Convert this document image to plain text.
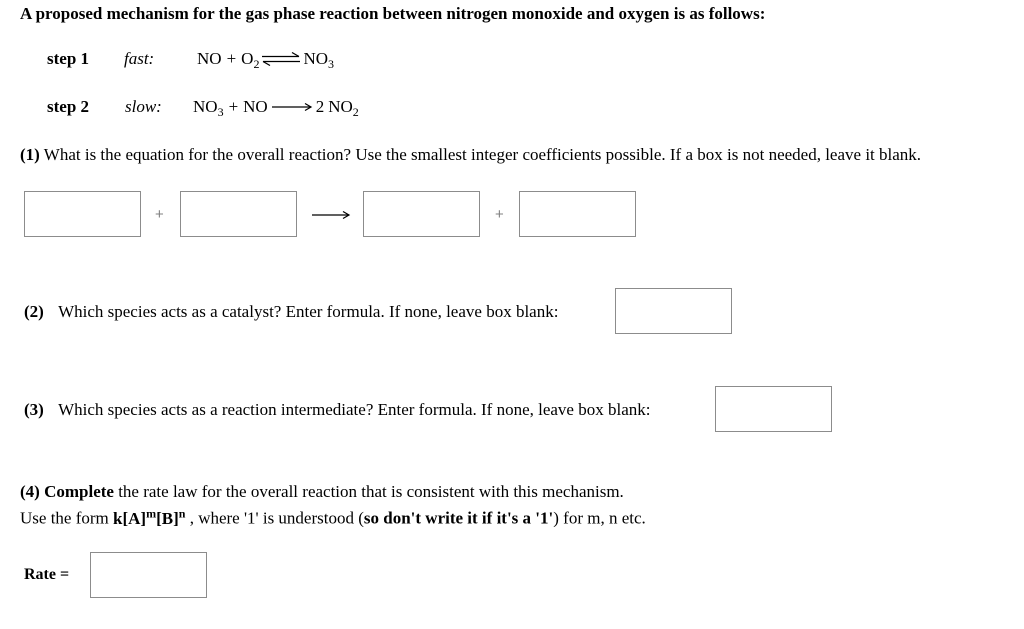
A proposed mechanism for the gas phase reaction between nitrogen monoxide and oxygen is as follows:
step 1 fast:	NO + $O_2$ ⇌ $NO_3$
step 2 slow: $NO_3$ + NO	2 $NO_2$
(1) What is the equation for the overall reaction? Use the smallest integer coefficients possible. If a box is not needed, leave it blank.
+	+
(2) Which species acts as a catalyst? Enter formula. If none, leave box blank:
(3) Which species acts as a reaction intermediate? Enter formula. If none, leave box blank:
(4) Complete the rate law for the overall reaction that is consistent with this mechanism.
Use the form $k[A]^m[B]^n$ , where '1' is understood (so don't write it if it's a '1') for m, n etc.
Rate =
